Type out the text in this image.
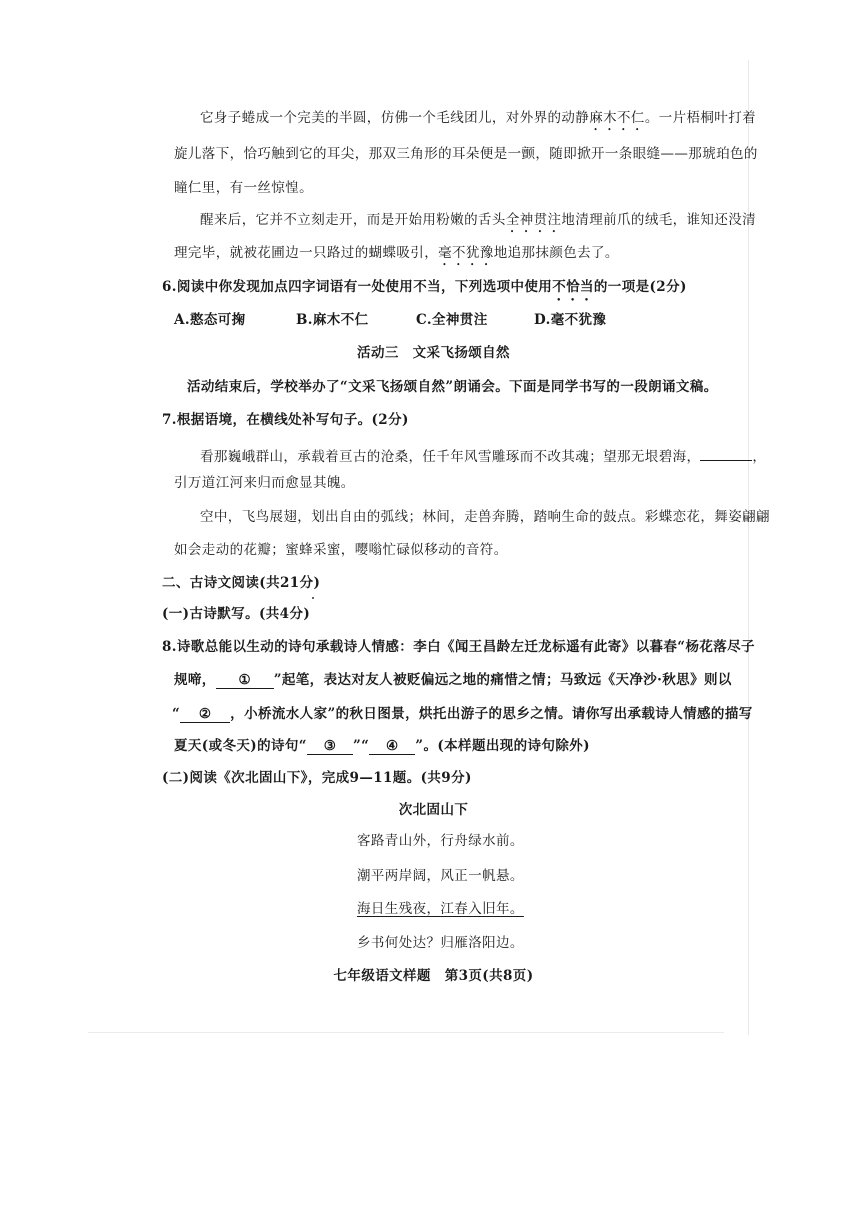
它身子蜷成一个完美的半圆，仿佛一个毛线团儿，对外界的动静麻木不仁。一片梧桐叶打着
旋儿落下，恰巧触到它的耳尖，那双三角形的耳朵便是一颤，随即掀开一条眼缝——那琥珀色的
瞳仁里，有一丝惊惶。
醒来后，它并不立刻走开，而是开始用粉嫩的舌头全神贯注地清理前爪的绒毛，谁知还没清
理完毕，就被花圃边一只路过的蝴蝶吸引，毫不犹豫地追那抹颜色去了。
6.阅读中你发现加点四字词语有一处使用不当，下列选项中使用不恰当的一项是(2分)
A.憨态可掬	B.麻木不仁	C.全神贯注	D.毫不犹豫
活动三　文采飞扬颂自然
活动结束后，学校举办了“文采飞扬颂自然”朗诵会。下面是同学书写的一段朗诵文稿。
7.根据语境，在横线处补写句子。(2分)
看那巍峨群山，承载着亘古的沧桑，任千年风雪雕琢而不改其魂；望那无垠碧海，	，
引万道江河来归而愈显其魄。
空中，飞鸟展翅，划出自由的弧线；林间，走兽奔腾，踏响生命的鼓点。彩蝶恋花，舞姿翩翩
如会走动的花瓣；蜜蜂采蜜，嘤嗡忙碌似移动的音符。
二、古诗文阅读(共21分)
(一)古诗默写。(共4分)
8.诗歌总能以生动的诗句承载诗人情感：李白《闻王昌龄左迁龙标遥有此寄》以暮春“杨花落尽子
规啼， ① ”起笔，表达对友人被贬偏远之地的痛惜之情；马致远《天净沙·秋思》则以
“ ② ，小桥流水人家”的秋日图景，烘托出游子的思乡之情。请你写出承载诗人情感的描写
夏天(或冬天)的诗句“ ③ ”“ ④ ”。(本样题出现的诗句除外)
(二)阅读《次北固山下》，完成9—11题。(共9分)
次北固山下
客路青山外，行舟绿水前。
潮平两岸阔，风正一帆悬。
海日生残夜，江春入旧年。
乡书何处达？归雁洛阳边。
七年级语文样题　第3页(共8页)
